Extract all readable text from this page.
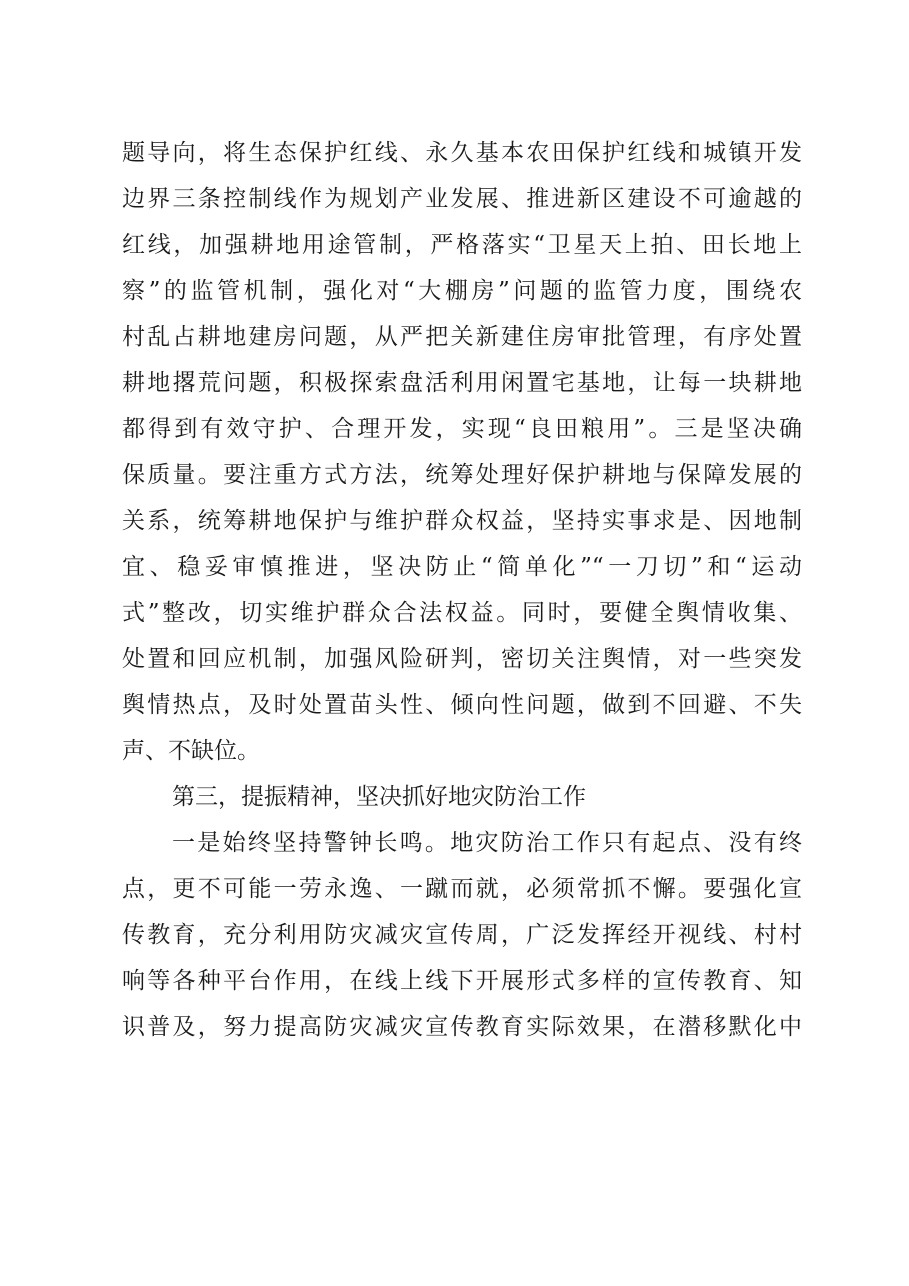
题导向，将生态保护红线、永久基本农田保护红线和城镇开发
边界三条控制线作为规划产业发展、推进新区建设不可逾越的
红线，加强耕地用途管制，严格落实“卫星天上拍、田长地上
察”的监管机制，强化对“大棚房”问题的监管力度，围绕农
村乱占耕地建房问题，从严把关新建住房审批管理，有序处置
耕地撂荒问题，积极探索盘活利用闲置宅基地，让每一块耕地
都得到有效守护、合理开发，实现“良田粮用”。三是坚决确
保质量。要注重方式方法，统筹处理好保护耕地与保障发展的
关系，统筹耕地保护与维护群众权益，坚持实事求是、因地制
宜、稳妥审慎推进，坚决防止“简单化”“一刀切”和“运动
式”整改，切实维护群众合法权益。同时，要健全舆情收集、
处置和回应机制，加强风险研判，密切关注舆情，对一些突发
舆情热点，及时处置苗头性、倾向性问题，做到不回避、不失
声、不缺位。
第三，提振精神，坚决抓好地灾防治工作
一是始终坚持警钟长鸣。地灾防治工作只有起点、没有终
点，更不可能一劳永逸、一蹴而就，必须常抓不懈。要强化宣
传教育，充分利用防灾减灾宣传周，广泛发挥经开视线、村村
响等各种平台作用，在线上线下开展形式多样的宣传教育、知
识普及，努力提高防灾减灾宣传教育实际效果，在潜移默化中
